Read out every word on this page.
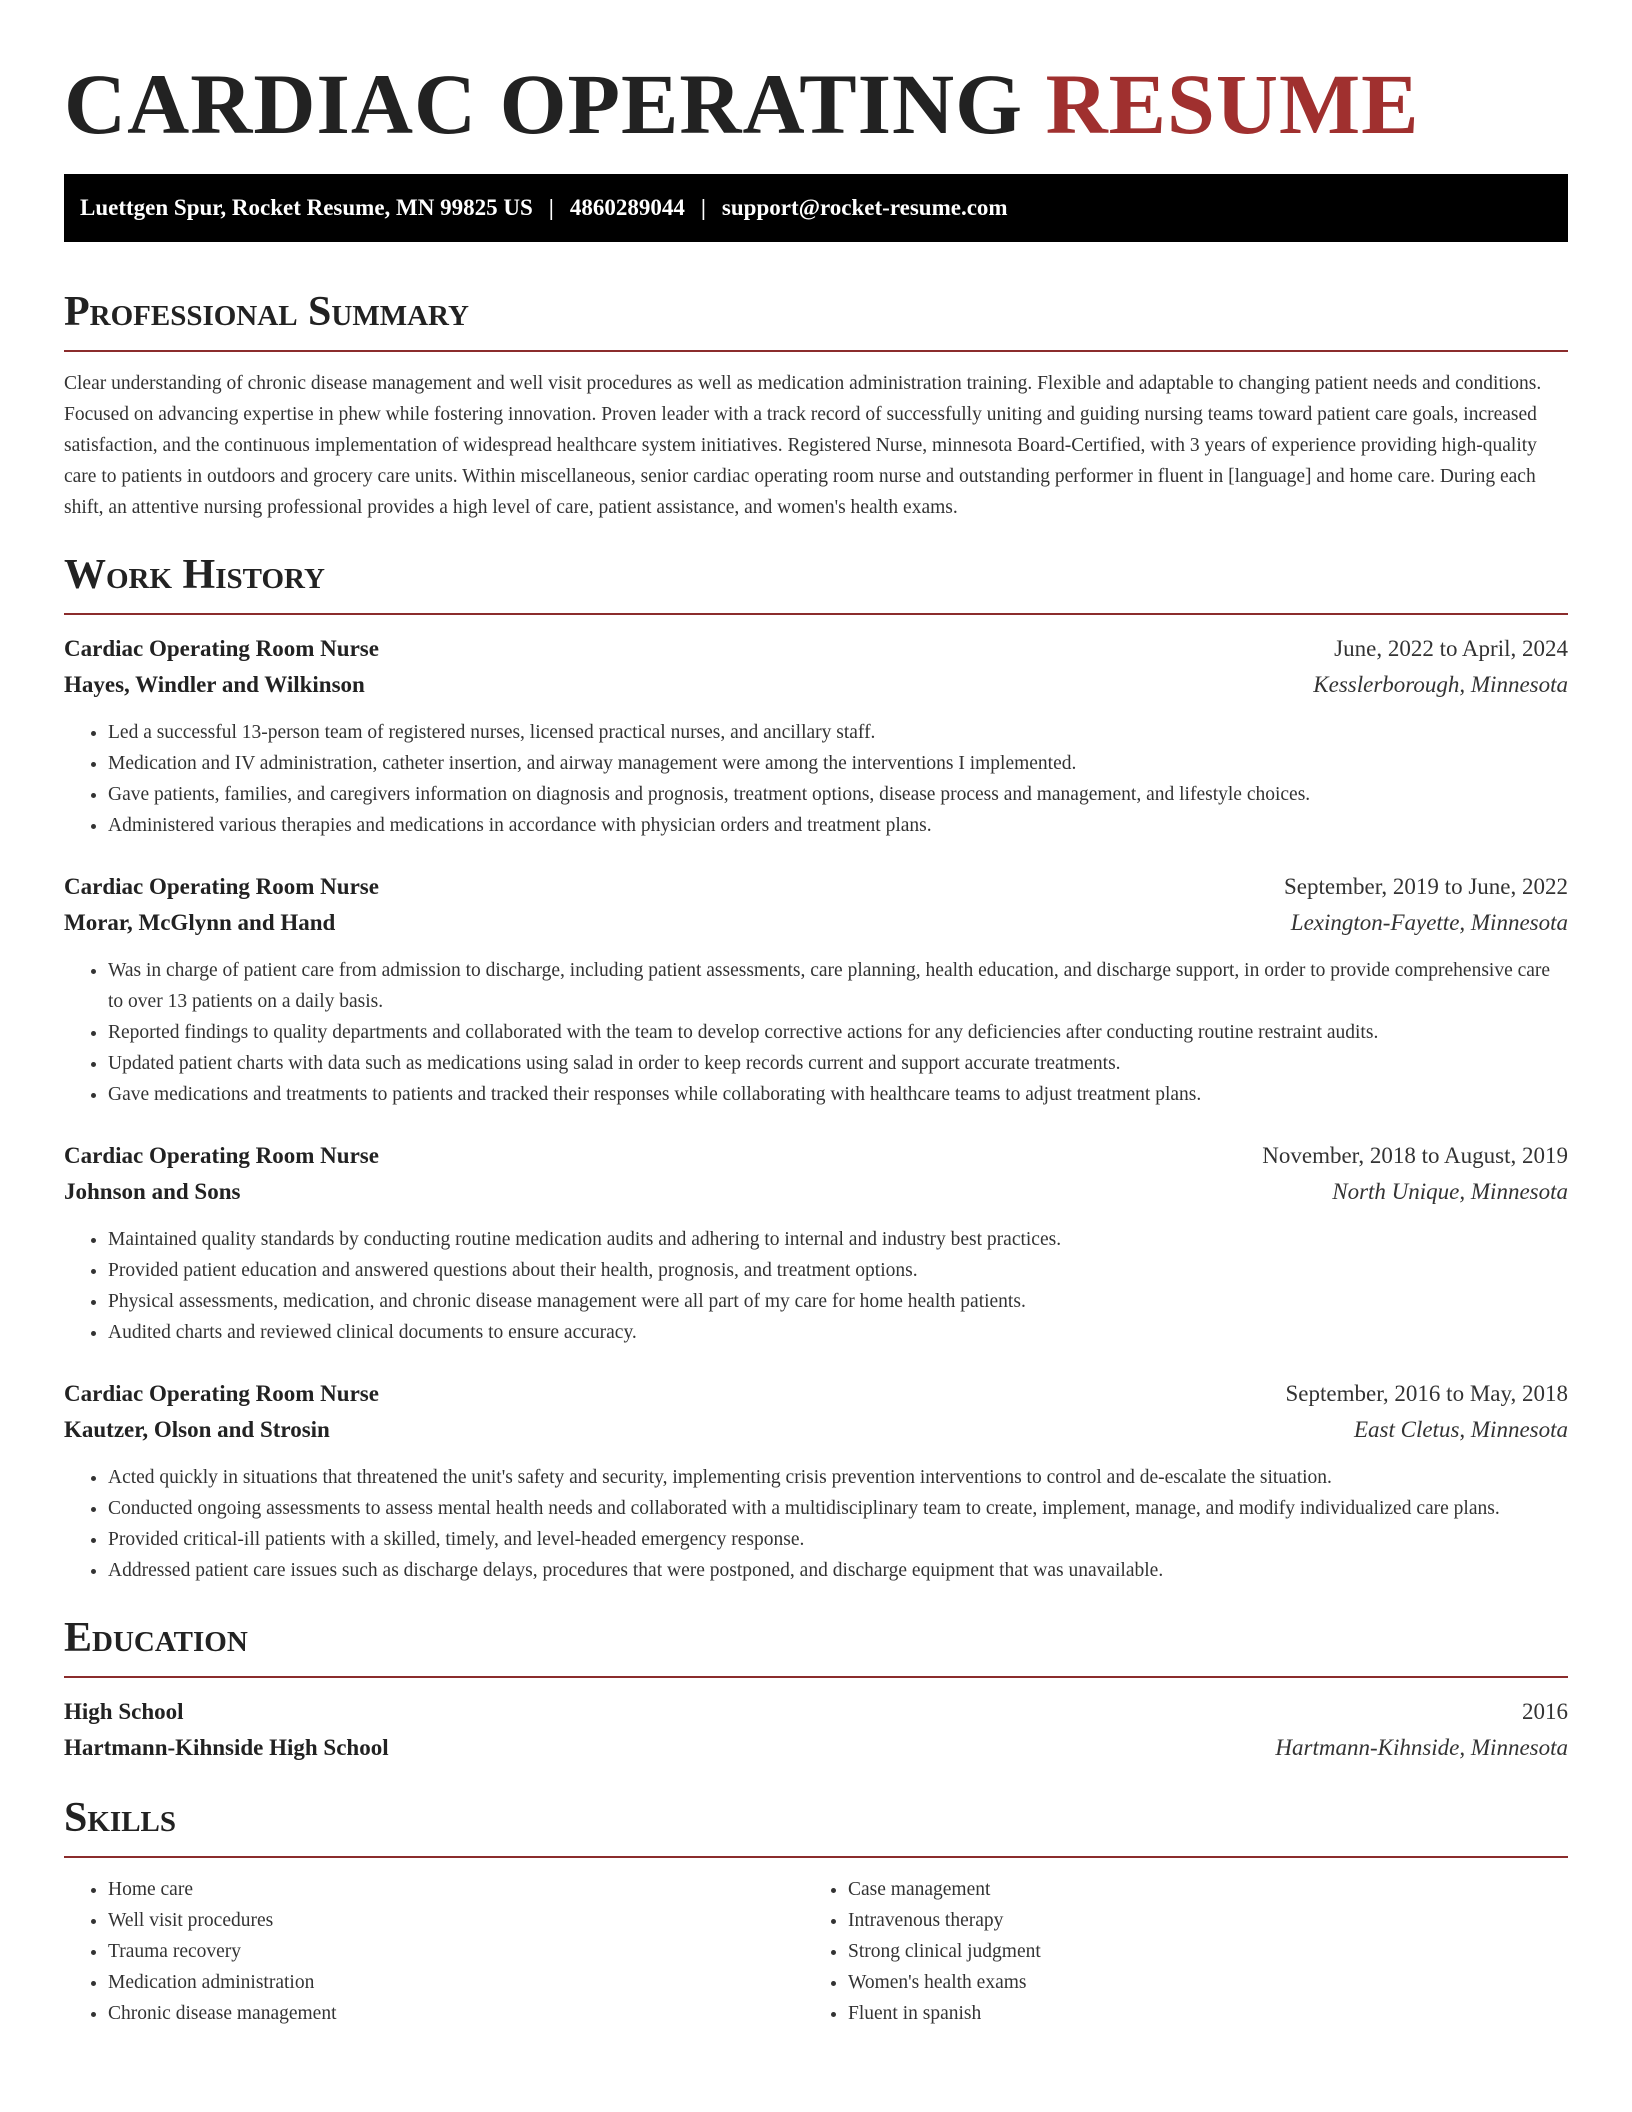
CARDIAC OPERATING RESUME
Luettgen Spur, Rocket Resume, MN 99825 US | 4860289044 | support@rocket-resume.com
Professional Summary

Clear understanding of chronic disease management and well visit procedures as well as medication administration training. Flexible and adaptable to changing patient needs and conditions. Focused on advancing expertise in phew while fostering innovation. Proven leader with a track record of successfully uniting and guiding nursing teams toward patient care goals, increased satisfaction, and the continuous implementation of widespread healthcare system initiatives. Registered Nurse, minnesota Board-Certified, with 3 years of experience providing high-quality care to patients in outdoors and grocery care units. Within miscellaneous, senior cardiac operating room nurse and outstanding performer in fluent in [language] and home care. During each shift, an attentive nursing professional provides a high level of care, patient assistance, and women's health exams.

Work History
Cardiac Operating Room Nurse	June, 2022 to April, 2024
Hayes, Windler and Wilkinson	Kesslerborough, Minnesota
• Led a successful 13-person team of registered nurses, licensed practical nurses, and ancillary staff.
• Medication and IV administration, catheter insertion, and airway management were among the interventions I implemented.
• Gave patients, families, and caregivers information on diagnosis and prognosis, treatment options, disease process and management, and lifestyle choices.
• Administered various therapies and medications in accordance with physician orders and treatment plans.
Cardiac Operating Room Nurse	September, 2019 to June, 2022
Morar, McGlynn and Hand	Lexington-Fayette, Minnesota
• Was in charge of patient care from admission to discharge, including patient assessments, care planning, health education, and discharge support, in order to provide comprehensive care to over 13 patients on a daily basis.
• Reported findings to quality departments and collaborated with the team to develop corrective actions for any deficiencies after conducting routine restraint audits.
• Updated patient charts with data such as medications using salad in order to keep records current and support accurate treatments.
• Gave medications and treatments to patients and tracked their responses while collaborating with healthcare teams to adjust treatment plans.
Cardiac Operating Room Nurse	November, 2018 to August, 2019
Johnson and Sons	North Unique, Minnesota
• Maintained quality standards by conducting routine medication audits and adhering to internal and industry best practices.
• Provided patient education and answered questions about their health, prognosis, and treatment options.
• Physical assessments, medication, and chronic disease management were all part of my care for home health patients.
• Audited charts and reviewed clinical documents to ensure accuracy.
Cardiac Operating Room Nurse	September, 2016 to May, 2018
Kautzer, Olson and Strosin	East Cletus, Minnesota
• Acted quickly in situations that threatened the unit's safety and security, implementing crisis prevention interventions to control and de-escalate the situation.
• Conducted ongoing assessments to assess mental health needs and collaborated with a multidisciplinary team to create, implement, manage, and modify individualized care plans.
• Provided critical-ill patients with a skilled, timely, and level-headed emergency response.
• Addressed patient care issues such as discharge delays, procedures that were postponed, and discharge equipment that was unavailable.
Education
High School	2016
Hartmann-Kihnside High School	Hartmann-Kihnside, Minnesota
Skills
• Home care
• Well visit procedures
• Trauma recovery
• Medication administration
• Chronic disease management
• Case management
• Intravenous therapy
• Strong clinical judgment
• Women's health exams
• Fluent in spanish
